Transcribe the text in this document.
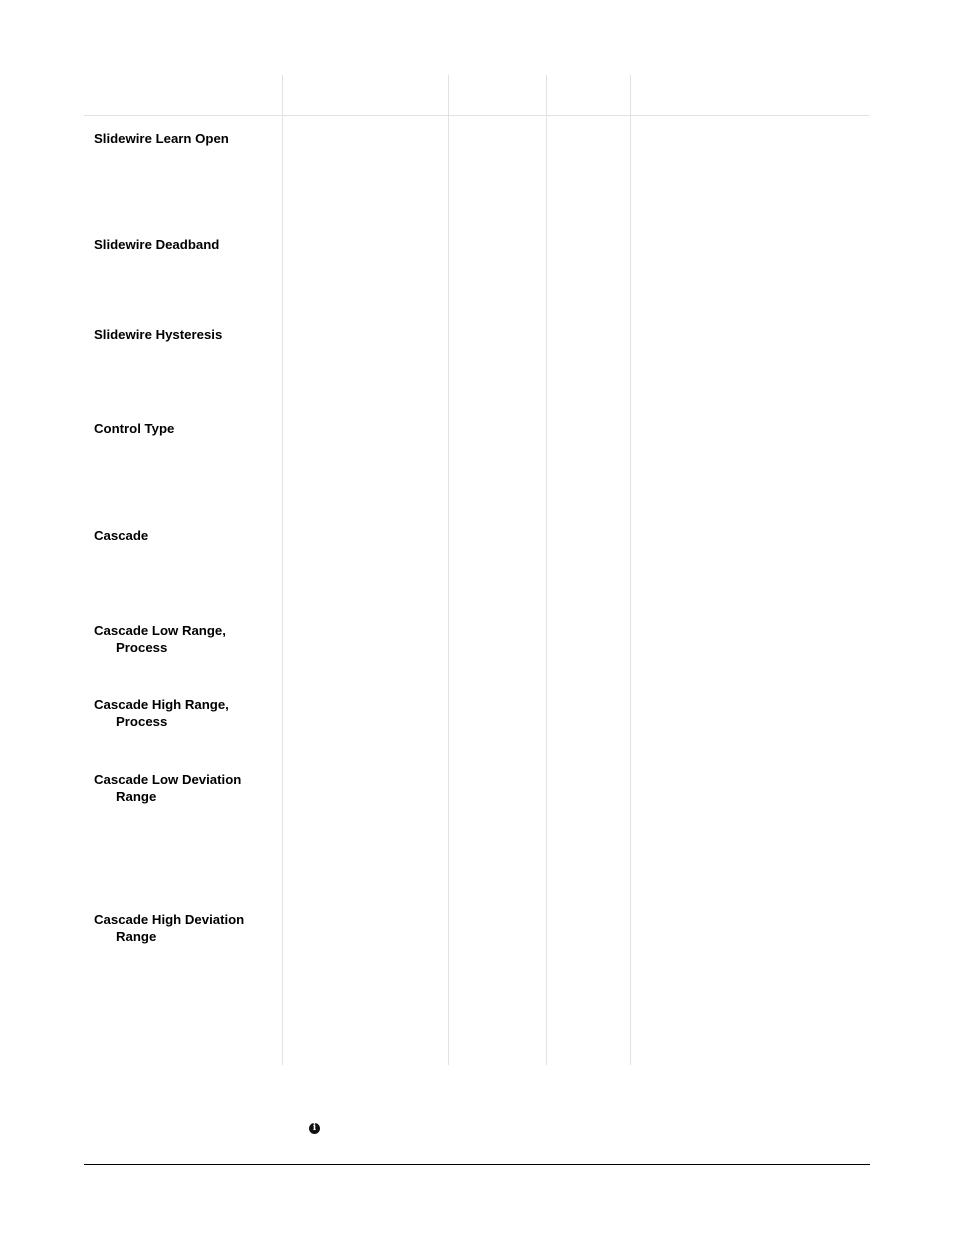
Slidewire Learn Open

Slidewire Deadband

Slidewire Hysteresis

Control Type

Cascade

Cascade Low Range,
Process

Cascade High Range,
Process

Cascade Low Deviation
Range

Cascade High Deviation
Range

i
